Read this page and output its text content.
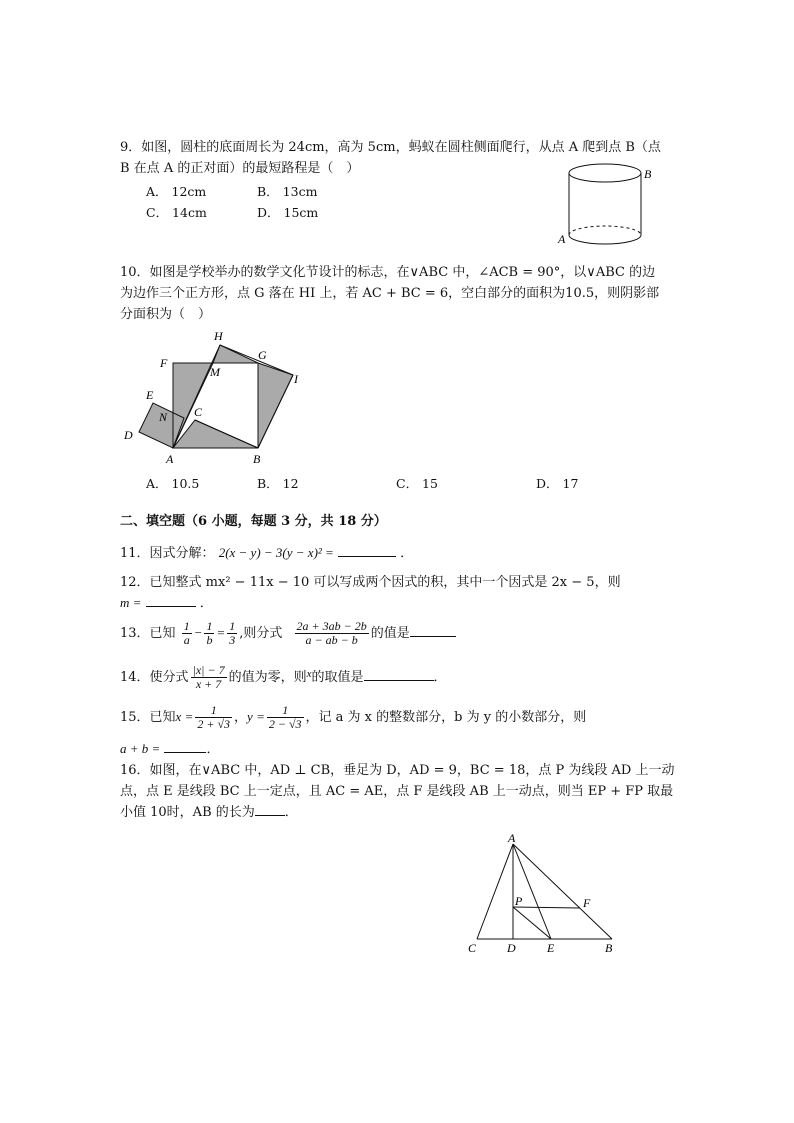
9．如图，圆柱的底面周长为 24cm，高为 5cm，蚂蚁在圆柱侧面爬行，从点 A 爬到点 B（点
B 在点 A 的正对面）的最短路程是（　）
A． 12cm	B． 13cm
C． 14cm	D． 15cm
B
A
10．如图是学校举办的数学文化节设计的标志，在∨ABC 中，∠ACB = 90°，以∨ABC 的边
为边作三个正方形，点 G 落在 HI 上，若 AC + BC = 6，空白部分的面积为10.5，则阴影部
分面积为（　）
H
G
F
M	I
E
N C
D
A	B
A． 10.5	B． 12	C． 15	D． 17
二、填空题（6 小题，每题 3 分，共 18 分）
11．因式分解： 2(x − y) − 3(y − x)² =	．
12．已知整式 mx² − 11x − 10 可以写成两个因式的积，其中一个因式是 2x − 5，则
m =	．
13．已知 $\frac{1}{a} - \frac{1}{b} = \frac{1}{3}$ ,则分式 $\frac{2a + 3ab - 2b}{a - ab - b}$ 的值是
14．使分式 $\frac{|x| - 7}{x + 7}$ 的值为零，则$^x$的取值是	．
15．已知$x = \frac{1}{2 + √3}$ ，$y = \frac{1}{2 - √3}$ ，记 a 为 x 的整数部分，b 为 y 的小数部分，则
a + b =	．
16．如图，在∨ABC 中，AD ⊥ CB，垂足为 D，AD = 9，BC = 18，点 P 为线段 AD 上一动
点，点 E 是线段 BC 上一定点，且 AC = AE，点 F 是线段 AB 上一动点，则当 EP + FP 取最
小值 10时，AB 的长为 ．
A
P	F
C	D	E	B
